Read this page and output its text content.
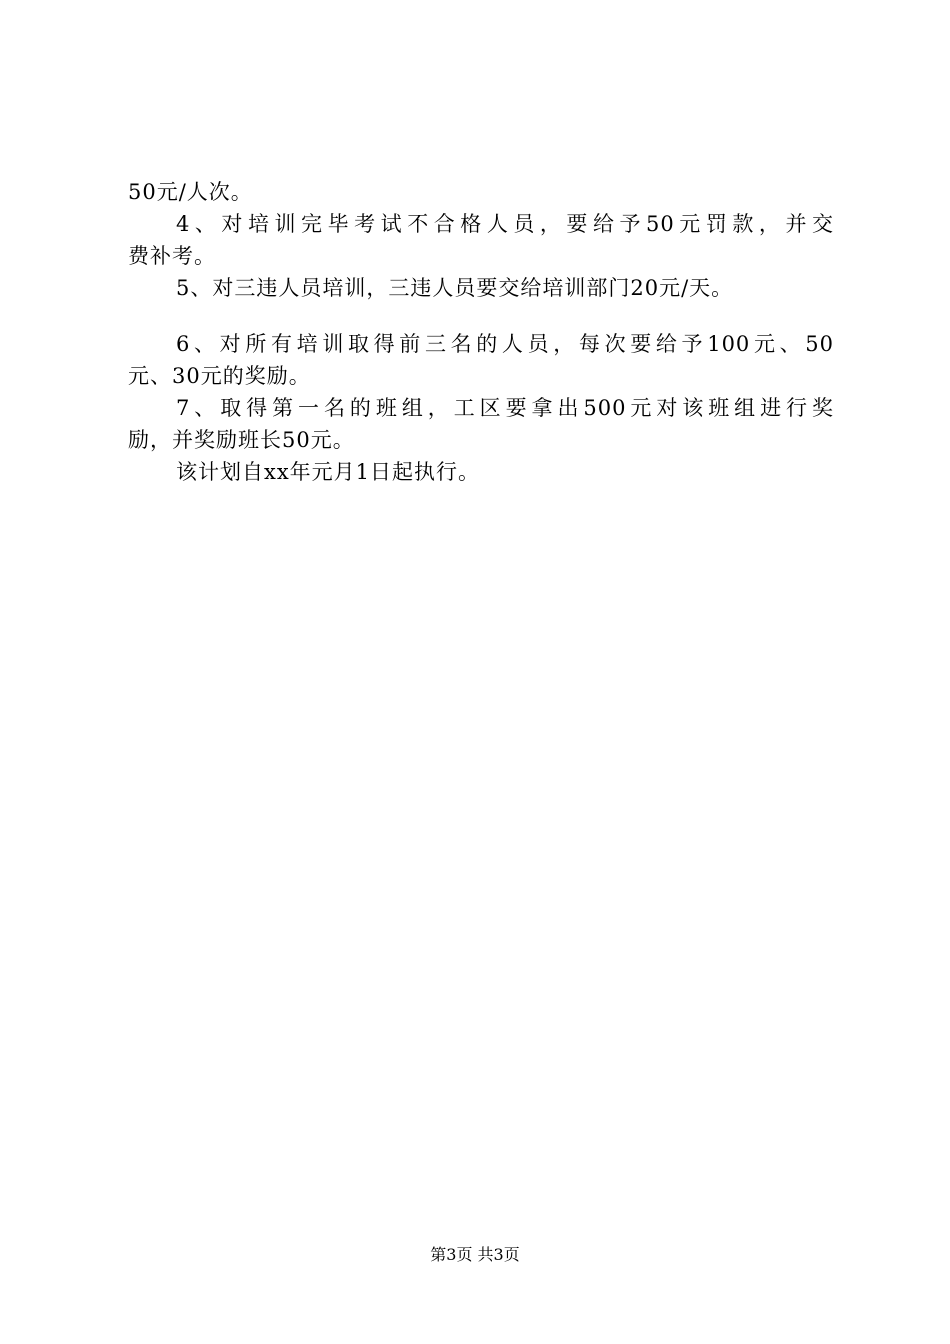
50元/人次。
4、对培训完毕考试不合格人员，要给予50元罚款，并交
费补考。
5、对三违人员培训，三违人员要交给培训部门20元/天。
6、对所有培训取得前三名的人员，每次要给予100元、50
元、30元的奖励。
7、取得第一名的班组，工区要拿出500元对该班组进行奖
励，并奖励班长50元。
该计划自xx年元月1日起执行。
第3页 共3页
